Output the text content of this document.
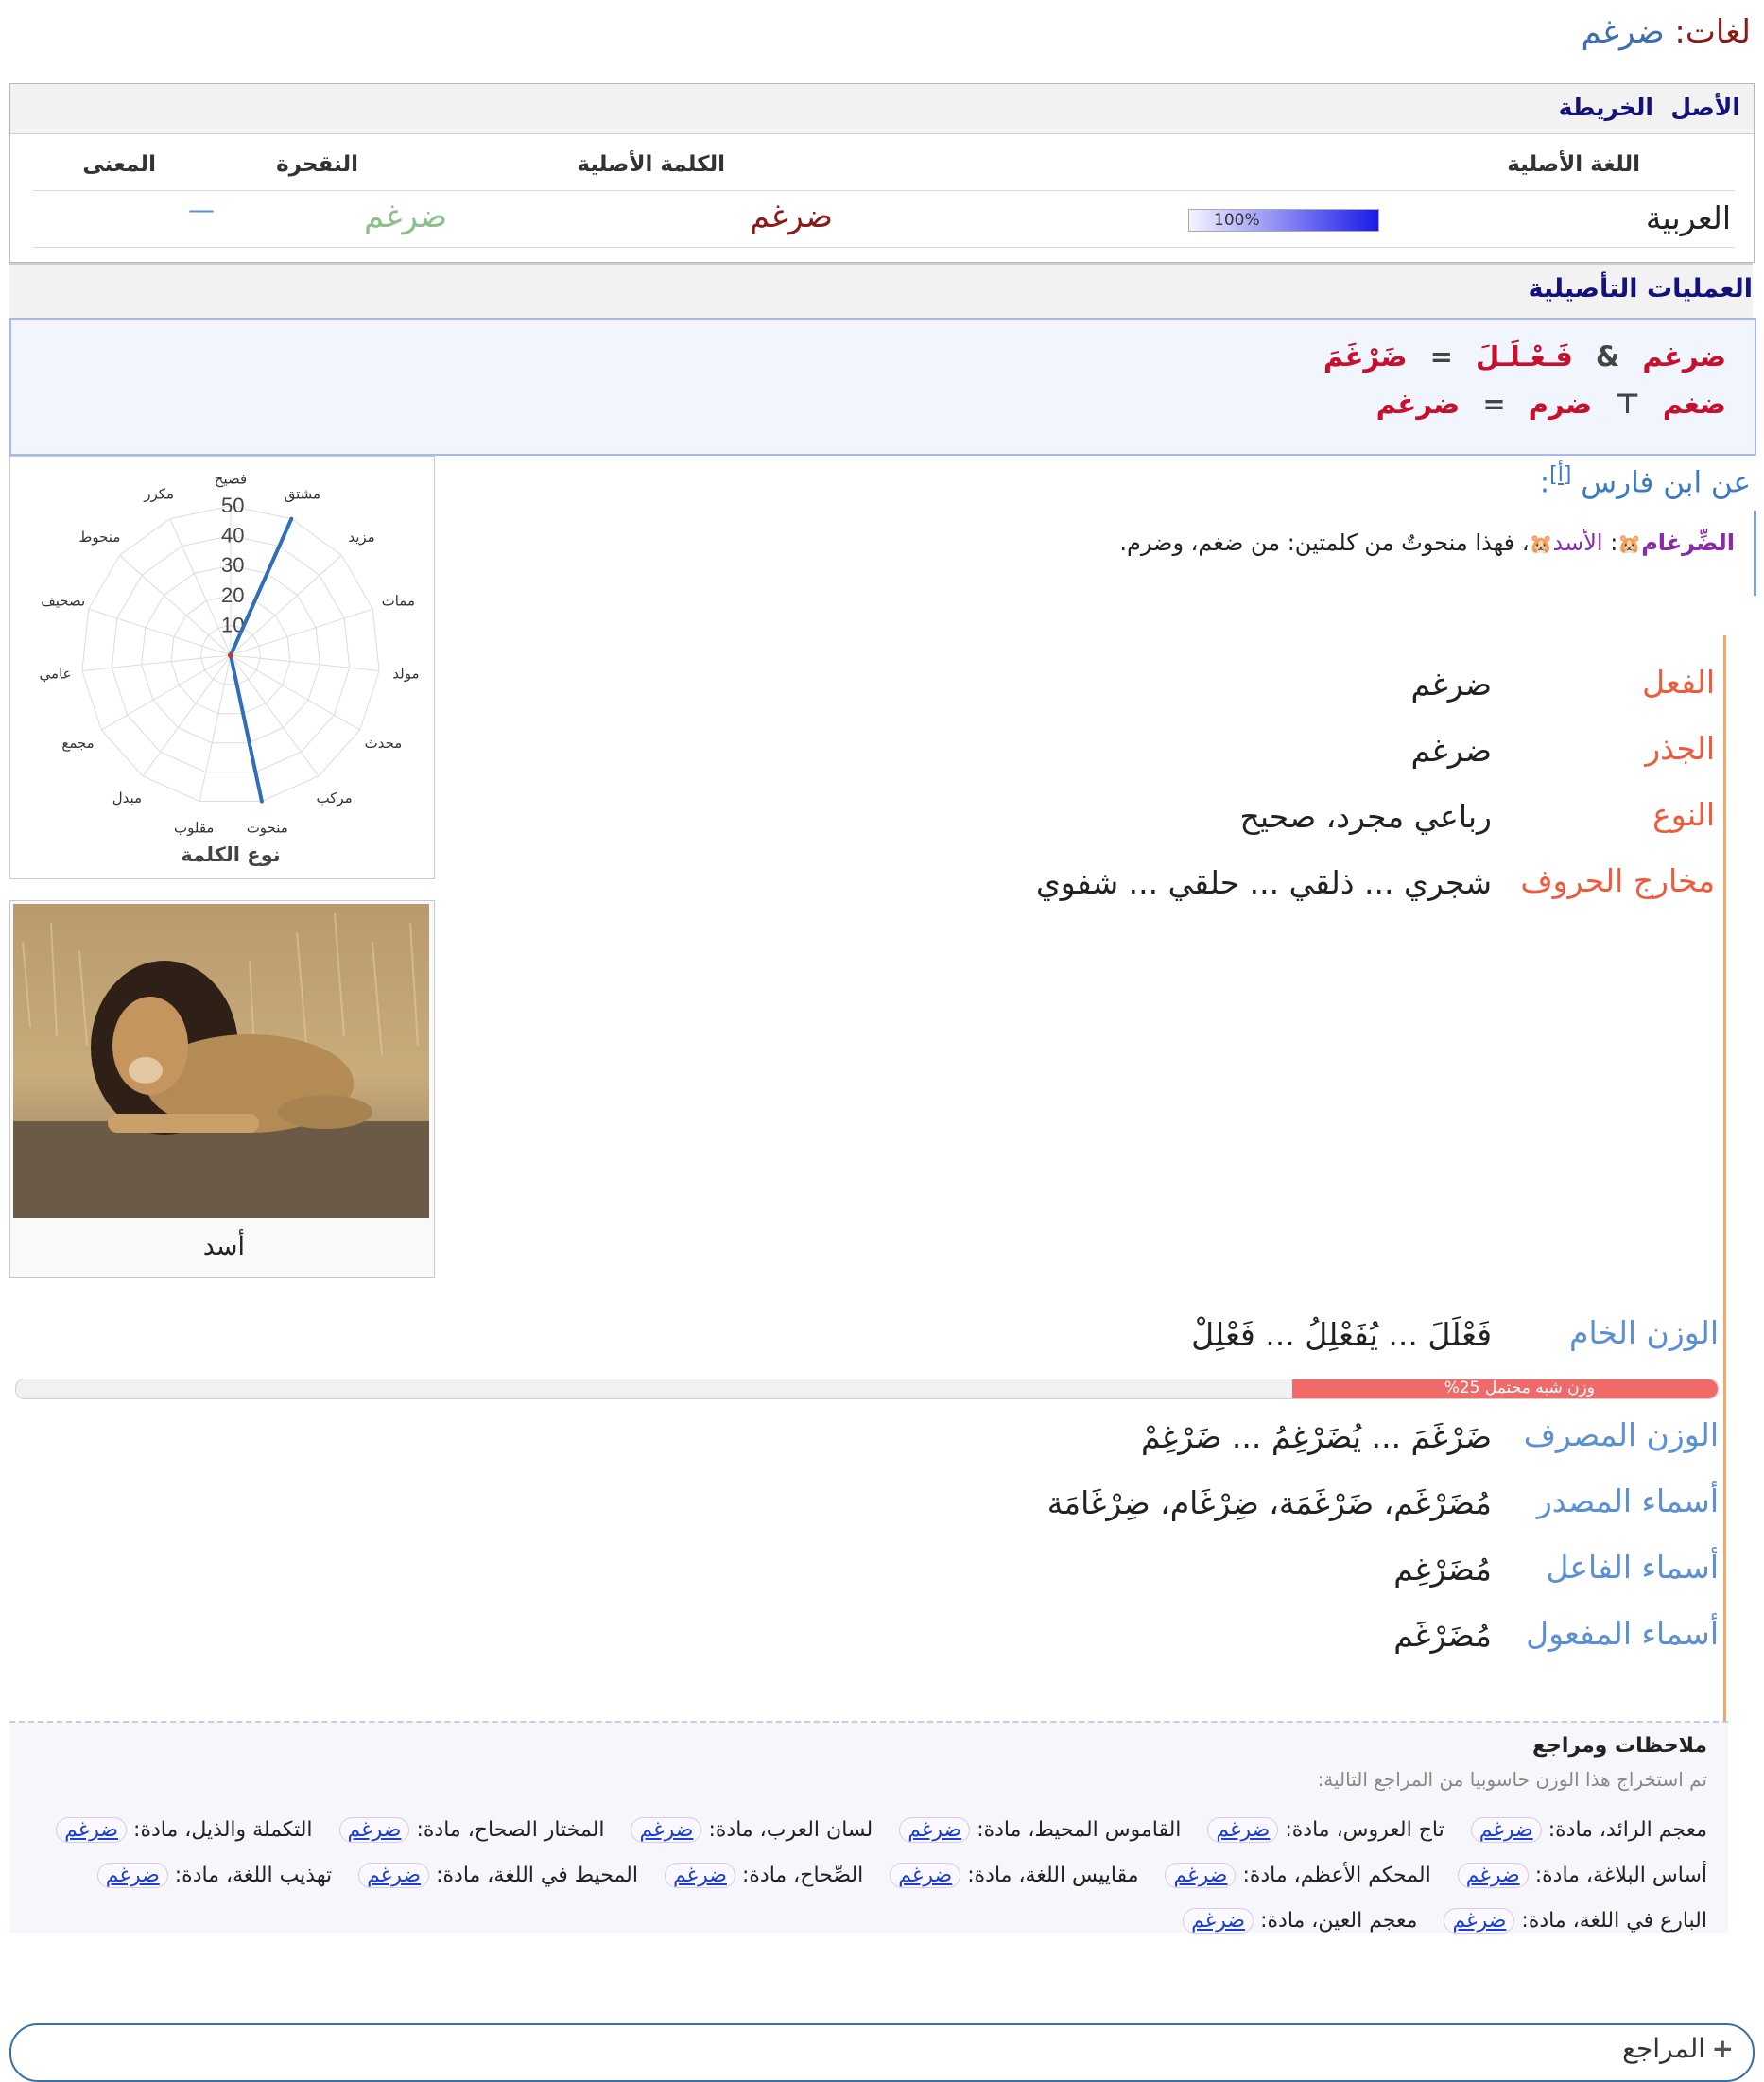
لغات: ضرغم
الأصل
الخريطة
اللغة الأصلية
الكلمة الأصلية
النقحرة
المعنى
العربية
100%
ضرغم
ضرغم
—
العمليات التأصيلية
ضرغم & فَـعْـلَـلَ = ضَرْغَمَ
ضغم ⊤ ضرم = ضرغم
10
20
30
40
50
فصيح
مشتق
مزيد
ممات
مولد
محدث
مركب
منحوت
مقلوب
مبدل
مجمع
عامي
تصحيف
منحوط
مكرر
نوع الكلمة
أسد
عن ابن فارس [أ]:
الضِّرغام🐹: الأسد🐹، فهذا منحوتٌ من كلمتين: من ضغم، وضرم.
الفعل
ضرغم
الجذر
ضرغم
النوع
رباعي مجرد، صحيح
مخارج الحروف
شجري ... ذلقي ... حلقي ... شفوي
الوزن الخام
فَعْلَلَ ... يُفَعْلِلُ ... فَعْلِلْ
وزن شبه محتمل 25%
الوزن المصرف
ضَرْغَمَ ... يُضَرْغِمُ ... ضَرْغِمْ
أسماء المصدر
مُضَرْغَم، ضَرْغَمَة، ضِرْغَام، ضِرْغَامَة
أسماء الفاعل
مُضَرْغِم
أسماء المفعول
مُضَرْغَم
ملاحظات ومراجع
تم استخراج هذا الوزن حاسوبيا من المراجع التالية:
معجم الرائد، مادة: ضرغم    تاج العروس، مادة: ضرغم    القاموس المحيط، مادة: ضرغم    لسان العرب، مادة: ضرغم    المختار الصحاح، مادة: ضرغم    التكملة والذيل، مادة: ضرغم    أساس البلاغة، مادة: ضرغم    المحكم الأعظم، مادة: ضرغم    مقاييس اللغة، مادة: ضرغم    الصِّحاح، مادة: ضرغم    المحيط في اللغة، مادة: ضرغم    تهذيب اللغة، مادة: ضرغم    البارع في اللغة، مادة: ضرغم    معجم العين، مادة: ضرغم
+
المراجع
